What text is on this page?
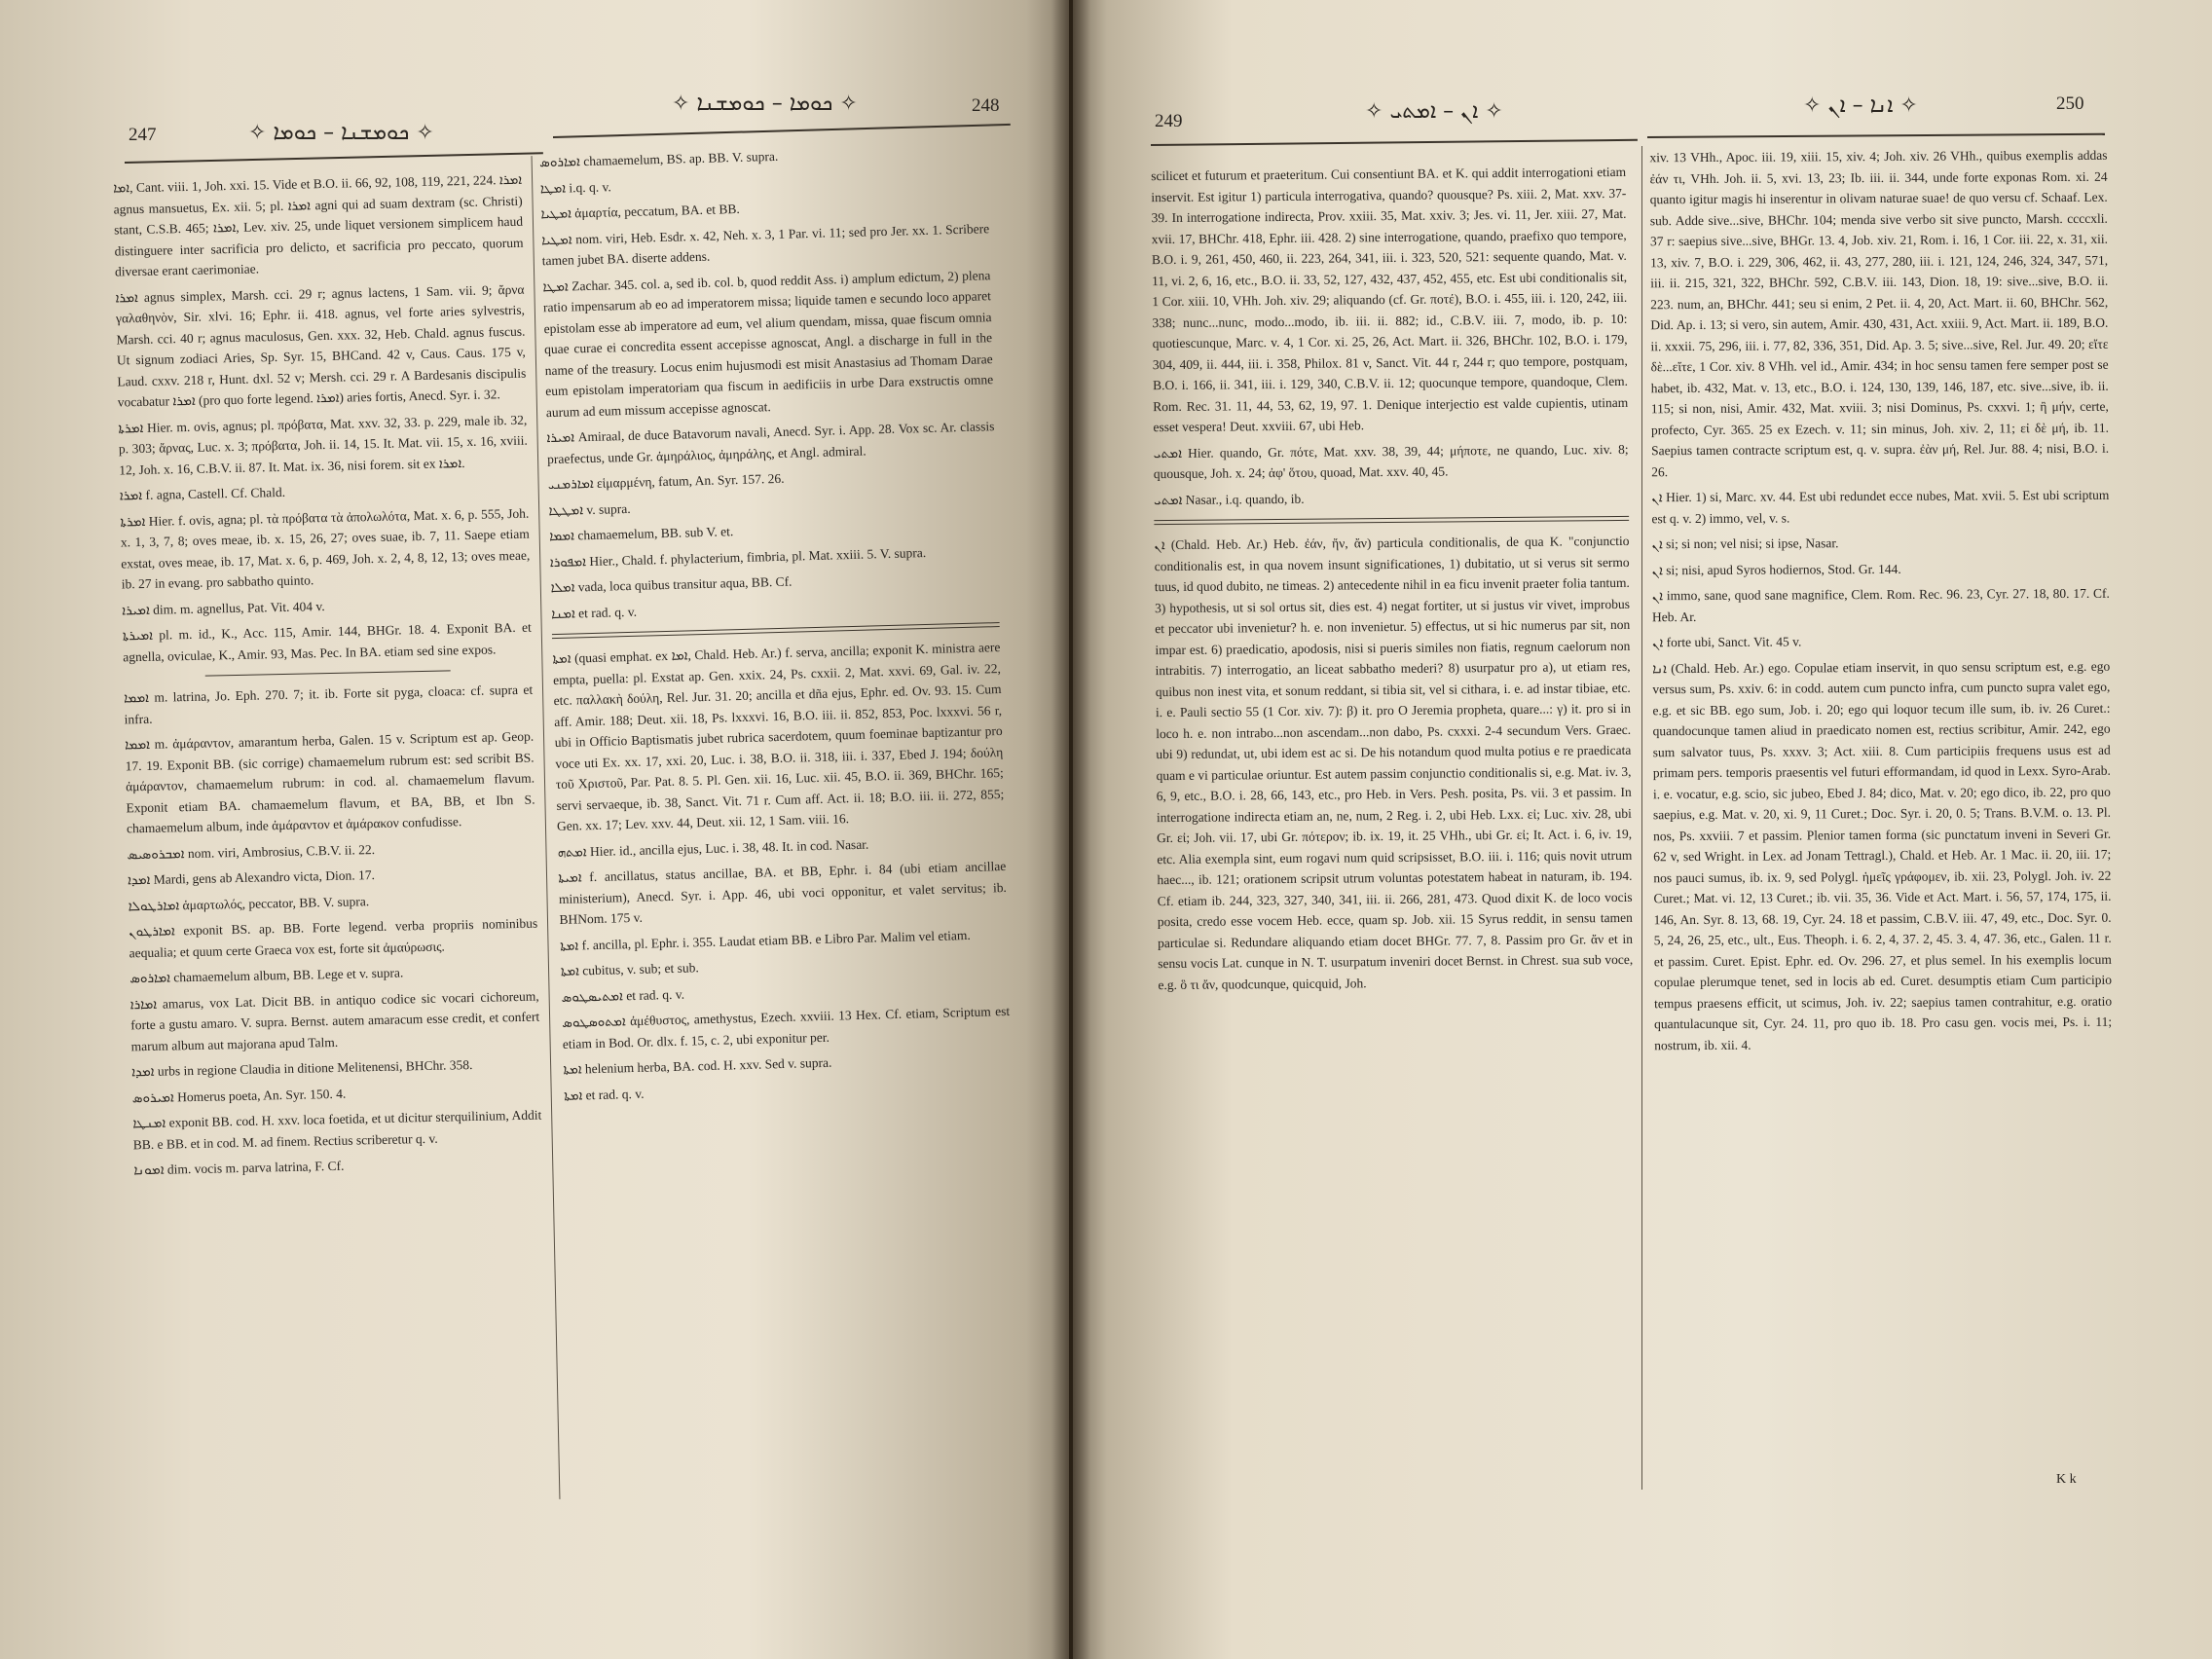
247	✧ ܟܘܡܫܢܐ – ܟܘܡܐ ✧
✧ ܟܘܡܐ – ܟܘܡܫܢܐ ✧	248

ܐܡܐ, Cant. viii. 1, Joh. xxi. 15. Vide et B.O. ii. 66, 92, 108, 119, 221, 224. ܐܡܪܐ agnus mansuetus, Ex. xii. 5; pl. ܐܡܪܐ agni qui ad suam dextram (sc. Christi) stant, C.S.B. 465; ܐܡܪܐ, Lev. xiv. 25, unde liquet versionem simplicem haud distinguere inter sacrificia pro delicto, et sacrificia pro peccato, quorum diversae erant caerimoniae.

ܐܡܪܐ agnus simplex, Marsh. cci. 29 r; agnus lactens, 1 Sam. vii. 9; ἄρνα γαλαθηνὸν, Sir. xlvi. 16; Ephr. ii. 418. agnus, vel forte aries sylvestris, Marsh. cci. 40 r; agnus maculosus, Gen. xxx. 32, Heb. Chald. agnus fuscus. Ut signum zodiaci Aries, Sp. Syr. 15, BHCand. 42 v, Caus. Caus. 175 v, Laud. cxxv. 218 r, Hunt. dxl. 52 v; Mersh. cci. 29 r. A Bardesanis discipulis vocabatur ܐܡܪܐ (pro quo forte legend. ܐܡܪܐ) aries fortis, Anecd. Syr. i. 32.

ܐܡܪܬܐ Hier. m. ovis, agnus; pl. πρόβατα, Mat. xxv. 32, 33. p. 229, male ib. 32, p. 303; ἄρνας, Luc. x. 3; πρόβατα, Joh. ii. 14, 15. It. Mat. vii. 15, x. 16, xviii. 12, Joh. x. 16, C.B.V. ii. 87. It. Mat. ix. 36, nisi forem. sit ex ܐܡܪܐ.

ܐܡܪܐ f. agna, Castell. Cf. Chald.

ܐܡܪܬܐ Hier. f. ovis, agna; pl. τὰ πρόβατα τὰ ἀπολωλότα, Mat. x. 6, p. 555, Joh. x. 1, 3, 7, 8; oves meae, ib. x. 15, 26, 27; oves suae, ib. 7, 11. Saepe etiam exstat, oves meae, ib. 17, Mat. x. 6, p. 469, Joh. x. 2, 4, 8, 12, 13; oves meae, ib. 27 in evang. pro sabbatho quinto.

ܐܡܝܪܐ dim. m. agnellus, Pat. Vit. 404 v.

ܐܡܝܪܬܐ pl. m. id., K., Acc. 115, Amir. 144, BHGr. 18. 4. Exponit BA. et agnella, oviculae, K., Amir. 93, Mas. Pec. In BA. etiam sed sine expos.

ܐܡܡܐ m. latrina, Jo. Eph. 270. 7; it. ib. Forte sit pyga, cloaca: cf. supra et infra.

ܐܡܡܐ m. ἀμάραντον, amarantum herba, Galen. 15 v. Scriptum est ap. Geop. 17. 19. Exponit BB. (sic corrige) chamaemelum rubrum est: sed scribit BS. ἀμάραντον, chamaemelum rubrum: in cod. al. chamaemelum flavum. Exponit etiam BA. chamaemelum flavum, et BA, BB, et Ibn S. chamaemelum album, inde ἀμάραντον et ἀμάρακον confudisse.

ܐܡܒܪܘܣܝܣ nom. viri, Ambrosius, C.B.V. ii. 22.

ܐܡܕܐ Mardi, gens ab Alexandro victa, Dion. 17.

ܐܡܐܪܛܘܠܐ ἁμαρτωλός, peccator, BB. V. supra.

ܐܡܐܪܛܘܢ exponit BS. ap. BB. Forte legend. verba propriis nominibus aequalia; et quum certe Graeca vox est, forte sit ἀμαύρωσις.

ܐܡܐܪܘܣ chamaemelum album, BB. Lege et v. supra.

ܐܡܐܪܐ amarus, vox Lat. Dicit BB. in antiquo codice sic vocari cichoreum, forte a gustu amaro. V. supra. Bernst. autem amaracum esse credit, et confert marum album aut majorana apud Talm.

ܐܡܕܐ urbs in regione Claudia in ditione Melitenensi, BHChr. 358.

ܐܡܝܪܘܣ Homerus poeta, An. Syr. 150. 4.

ܐܡܢܛܐ exponit BB. cod. H. xxv. loca foetida, et ut dicitur sterquilinium, Addit BB. e BB. et in cod. M. ad finem. Rectius scriberetur q. v.

ܐܡܘܢܐ dim. vocis m. parva latrina, F. Cf.

ܐܡܐܪܘܣ chamaemelum, BS. ap. BB. V. supra.

ܐܡܛܐ i.q. q. v.

ܐܡܛܝܐ ἁμαρτία, peccatum, BA. et BB.

ܐܡܛܝܐ nom. viri, Heb. Esdr. x. 42, Neh. x. 3, 1 Par. vi. 11; sed pro Jer. xx. 1. Scribere tamen jubet BA. diserte addens.

ܐܡܛܐ Zachar. 345. col. a, sed ib. col. b, quod reddit Ass. i) amplum edictum, 2) plena ratio impensarum ab eo ad imperatorem missa; liquide tamen e secundo loco apparet epistolam esse ab imperatore ad eum, vel alium quendam, missa, quae fiscum omnia quae curae ei concredita essent accepisse agnoscat, Angl. a discharge in full in the name of the treasury. Locus enim hujusmodi est misit Anastasius ad Thomam Darae eum epistolam imperatoriam qua fiscum in aedificiis in urbe Dara exstructis omne aurum ad eum missum accepisse agnoscat.

ܐܡܝܪܐ Amiraal, de duce Batavorum navali, Anecd. Syr. i. App. 28. Vox sc. Ar. classis praefectus, unde Gr. ἀμηράλιος, ἀμηράλης, et Angl. admiral.

ܐܡܐܪܡܢܝ εἱμαρμένη, fatum, An. Syr. 157. 26.

ܐܡܛܛܐ v. supra.

ܐܡܡܐ chamaemelum, BB. sub V. et.

ܐܡܦܘܪܐ Hier., Chald. f. phylacterium, fimbria, pl. Mat. xxiii. 5. V. supra.

ܐܡܠܐ vada, loca quibus transitur aqua, BB. Cf.

ܐܡܢܐ et rad. q. v.

ܐܡܬܐ (quasi emphat. ex ܐܡܐ, Chald. Heb. Ar.) f. serva, ancilla; exponit K. ministra aere empta, puella: pl. Exstat ap. Gen. xxix. 24, Ps. cxxii. 2, Mat. xxvi. 69, Gal. iv. 22, etc. παλλακὴ δούλη, Rel. Jur. 31. 20; ancilla et dña ejus, Ephr. ed. Ov. 93. 15. Cum aff. Amir. 188; Deut. xii. 18, Ps. lxxxvi. 16, B.O. iii. ii. 852, 853, Poc. lxxxvi. 56 r, ubi in Officio Baptismatis jubet rubrica sacerdotem, quum foeminae baptizantur pro voce uti Ex. xx. 17, xxi. 20, Luc. i. 38, B.O. ii. 318, iii. i. 337, Ebed J. 194; δούλη τοῦ Χριστοῦ, Par. Pat. 8. 5. Pl. Gen. xii. 16, Luc. xii. 45, B.O. ii. 369, BHChr. 165; servi servaeque, ib. 38, Sanct. Vit. 71 r. Cum aff. Act. ii. 18; B.O. iii. ii. 272, 855; Gen. xx. 17; Lev. xxv. 44, Deut. xii. 12, 1 Sam. viii. 16.

ܐܡܬܗ Hier. id., ancilla ejus, Luc. i. 38, 48. It. in cod. Nasar.

ܐܡܝܬܐ f. ancillatus, status ancillae, BA. et BB, Ephr. i. 84 (ubi etiam ancillae ministerium), Anecd. Syr. i. App. 46, ubi voci opponitur, et valet servitus; ib. BHNom. 175 v.

ܐܡܬܐ f. ancilla, pl. Ephr. i. 355. Laudat etiam BB. e Libro Par. Malim vel etiam.

ܐܡܬܐ cubitus, v. sub; et sub.

ܐܡܬܝܣܛܘܣ et rad. q. v.

ܐܡܬܘܣܛܘܣ ἀμέθυστος, amethystus, Ezech. xxviii. 13 Hex. Cf. etiam, Scriptum est etiam in Bod. Or. dlx. f. 15, c. 2, ubi exponitur per.

ܐܡܬܐ helenium herba, BA. cod. H. xxv. Sed v. supra.

ܐܡܬܐ et rad. q. v.

249	✧ ܐܢ – ܐܡܬܝ ✧	✧ ܐܢܐ – ܐܢ ✧	250

scilicet et futurum et praeteritum. Cui consentiunt BA. et K. qui addit interrogationi etiam inservit. Est igitur 1) particula interrogativa, quando? quousque? Ps. xiii. 2, Mat. xxv. 37-39. In interrogatione indirecta, Prov. xxiii. 35, Mat. xxiv. 3; Jes. vi. 11, Jer. xiii. 27, Mat. xvii. 17, BHChr. 418, Ephr. iii. 428. 2) sine interrogatione, quando, praefixo quo tempore, B.O. i. 9, 261, 450, 460, ii. 223, 264, 341, iii. i. 323, 520, 521: sequente quando, Mat. v. 11, vi. 2, 6, 16, etc., B.O. ii. 33, 52, 127, 432, 437, 452, 455, etc. Est ubi conditionalis sit, 1 Cor. xiii. 10, VHh. Joh. xiv. 29; aliquando (cf. Gr. ποτέ), B.O. i. 455, iii. i. 120, 242, iii. 338; nunc...nunc, modo...modo, ib. iii. ii. 882; id., C.B.V. iii. 7, modo, ib. p. 10: quotiescunque, Marc. v. 4, 1 Cor. xi. 25, 26, Act. Mart. ii. 326, BHChr. 102, B.O. i. 179, 304, 409, ii. 444, iii. i. 358, Philox. 81 v, Sanct. Vit. 44 r, 244 r; quo tempore, postquam, B.O. i. 166, ii. 341, iii. i. 129, 340, C.B.V. ii. 12; quocunque tempore, quandoque, Clem. Rom. Rec. 31. 11, 44, 53, 62, 19, 97. 1. Denique interjectio est valde cupientis, utinam esset vespera! Deut. xxviii. 67, ubi Heb.

ܐܡܬܝ Hier. quando, Gr. πότε, Mat. xxv. 38, 39, 44; μήποτε, ne quando, Luc. xiv. 8; quousque, Joh. x. 24; ἀφ' ὅτου, quoad, Mat. xxv. 40, 45.

ܐܡܬܝ Nasar., i.q. quando, ib.

ܐܢ (Chald. Heb. Ar.) Heb. ἐάν, ἤν, ἄν) particula conditionalis, de qua K. "conjunctio conditionalis est, in qua novem insunt significationes, 1) dubitatio, ut si verus sit sermo tuus, id quod dubito, ne timeas. 2) antecedente nihil in ea ficu invenit praeter folia tantum. 3) hypothesis, ut si sol ortus sit, dies est. 4) negat fortiter, ut si justus vir vivet, improbus et peccator ubi invenietur? h. e. non invenietur. 5) effectus, ut si hic numerus par sit, non impar est. 6) praedicatio, apodosis, nisi si pueris similes non fiatis, regnum caelorum non intrabitis. 7) interrogatio, an liceat sabbatho mederi? 8) usurpatur pro a), ut etiam res, quibus non inest vita, et sonum reddant, si tibia sit, vel si cithara, i. e. ad instar tibiae, etc. i. e. Pauli sectio 55 (1 Cor. xiv. 7): β) it. pro O Jeremia propheta, quare...: γ) it. pro si in loco h. e. non intrabo...non ascendam...non dabo, Ps. cxxxi. 2-4 secundum Vers. Graec. ubi 9) redundat, ut, ubi idem est ac si. De his notandum quod multa potius e re praedicata quam e vi particulae oriuntur. Est autem passim conjunctio conditionalis si, e.g. Mat. iv. 3, 6, 9, etc., B.O. i. 28, 66, 143, etc., pro Heb. in Vers. Pesh. posita, Ps. vii. 3 et passim. In interrogatione indirecta etiam an, ne, num, 2 Reg. i. 2, ubi Heb. Lxx. εἰ; Luc. xiv. 28, ubi Gr. εἰ; Joh. vii. 17, ubi Gr. πότερον; ib. ix. 19, it. 25 VHh., ubi Gr. εἰ; It. Act. i. 6, iv. 19, etc. Alia exempla sint, eum rogavi num quid scripsisset, B.O. iii. i. 116; quis novit utrum haec..., ib. 121; orationem scripsit utrum voluntas potestatem habeat in naturam, ib. 194. Cf. etiam ib. 244, 323, 327, 340, 341, iii. ii. 266, 281, 473. Quod dixit K. de loco vocis posita, credo esse vocem Heb. ecce, quam sp. Job. xii. 15 Syrus reddit, in sensu tamen particulae si. Redundare aliquando etiam docet BHGr. 77. 7, 8. Passim pro Gr. ἄν et in sensu vocis Lat. cunque in N. T. usurpatum inveniri docet Bernst. in Chrest. sua sub voce, e.g. ὃ τι ἄν, quodcunque, quicquid, Joh.

xiv. 13 VHh., Apoc. iii. 19, xiii. 15, xiv. 4; Joh. xiv. 26 VHh., quibus exemplis addas ἐάν τι, VHh. Joh. ii. 5, xvi. 13, 23; Ib. iii. ii. 344, unde forte exponas Rom. xi. 24 quanto igitur magis hi inserentur in olivam naturae suae! de quo versu cf. Schaaf. Lex. sub. Adde sive...sive, BHChr. 104; menda sive verbo sit sive puncto, Marsh. ccccxli. 37 r: saepius sive...sive, BHGr. 13. 4, Job. xiv. 21, Rom. i. 16, 1 Cor. iii. 22, x. 31, xii. 13, xiv. 7, B.O. i. 229, 306, 462, ii. 43, 277, 280, iii. i. 121, 124, 246, 324, 347, 571, iii. ii. 215, 321, 322, BHChr. 592, C.B.V. iii. 143, Dion. 18, 19: sive...sive, B.O. ii. 223. num, an, BHChr. 441; seu si enim, 2 Pet. ii. 4, 20, Act. Mart. ii. 60, BHChr. 562, Did. Ap. i. 13; si vero, sin autem, Amir. 430, 431, Act. xxiii. 9, Act. Mart. ii. 189, B.O. ii. xxxii. 75, 296, iii. i. 77, 82, 336, 351, Did. Ap. 3. 5; sive...sive, Rel. Jur. 49. 20; εἴτε δὲ...εἴτε, 1 Cor. xiv. 8 VHh. vel id., Amir. 434; in hoc sensu tamen fere semper post se habet, ib. 432, Mat. v. 13, etc., B.O. i. 124, 130, 139, 146, 187, etc. sive...sive, ib. ii. 115; si non, nisi, Amir. 432, Mat. xviii. 3; nisi Dominus, Ps. cxxvi. 1; ἢ μήν, certe, profecto, Cyr. 365. 25 ex Ezech. v. 11; sin minus, Joh. xiv. 2, 11; εἰ δὲ μή, ib. 11. Saepius tamen contracte scriptum est, q. v. supra. ἐὰν μή, Rel. Jur. 88. 4; nisi, B.O. i. 26.

ܐܢ Hier. 1) si, Marc. xv. 44. Est ubi redundet ecce nubes, Mat. xvii. 5. Est ubi scriptum est q. v. 2) immo, vel, v. s.

ܐܢ si; si non; vel nisi; si ipse, Nasar.

ܐܢ si; nisi, apud Syros hodiernos, Stod. Gr. 144.

ܐܢ immo, sane, quod sane magnifice, Clem. Rom. Rec. 96. 23, Cyr. 27. 18, 80. 17. Cf. Heb. Ar.

ܐܢ forte ubi, Sanct. Vit. 45 v.

ܐܢܐ (Chald. Heb. Ar.) ego. Copulae etiam inservit, in quo sensu scriptum est, e.g. ego versus sum, Ps. xxiv. 6: in codd. autem cum puncto infra, cum puncto supra valet ego, e.g. et sic BB. ego sum, Job. i. 20; ego qui loquor tecum ille sum, ib. iv. 26 Curet.: quandocunque tamen aliud in praedicato nomen est, rectius scribitur, Amir. 242, ego sum salvator tuus, Ps. xxxv. 3; Act. xiii. 8. Cum participiis frequens usus est ad primam pers. temporis praesentis vel futuri efformandam, id quod in Lexx. Syro-Arab. i. e. vocatur, e.g. scio, sic jubeo, Ebed J. 84; dico, Mat. v. 20; ego dico, ib. 22, pro quo saepius, e.g. Mat. v. 20, xi. 9, 11 Curet.; Doc. Syr. i. 20, 0. 5; Trans. B.V.M. o. 13. Pl. nos, Ps. xxviii. 7 et passim. Plenior tamen forma (sic punctatum inveni in Severi Gr. 62 v, sed Wright. in Lex. ad Jonam Tettragl.), Chald. et Heb. Ar. 1 Mac. ii. 20, iii. 17; nos pauci sumus, ib. ix. 9, sed Polygl. ἡμεῖς γράφομεν, ib. xii. 23, Polygl. Joh. iv. 22 Curet.; Mat. vi. 12, 13 Curet.; ib. vii. 35, 36. Vide et Act. Mart. i. 56, 57, 174, 175, ii. 146, An. Syr. 8. 13, 68. 19, Cyr. 24. 18 et passim, C.B.V. iii. 47, 49, etc., Doc. Syr. 0. 5, 24, 26, 25, etc., ult., Eus. Theoph. i. 6. 2, 4, 37. 2, 45. 3. 4, 47. 36, etc., Galen. 11 r. et passim. Curet. Epist. Ephr. ed. Ov. 296. 27, et plus semel. In his exemplis locum copulae plerumque tenet, sed in locis ab ed. Curet. desumptis etiam Cum participio tempus praesens efficit, ut scimus, Joh. iv. 22; saepius tamen contrahitur, e.g. oratio quantulacunque sit, Cyr. 24. 11, pro quo ib. 18. Pro casu gen. vocis mei, Ps. i. 11; nostrum, ib. xii. 4.

K k
